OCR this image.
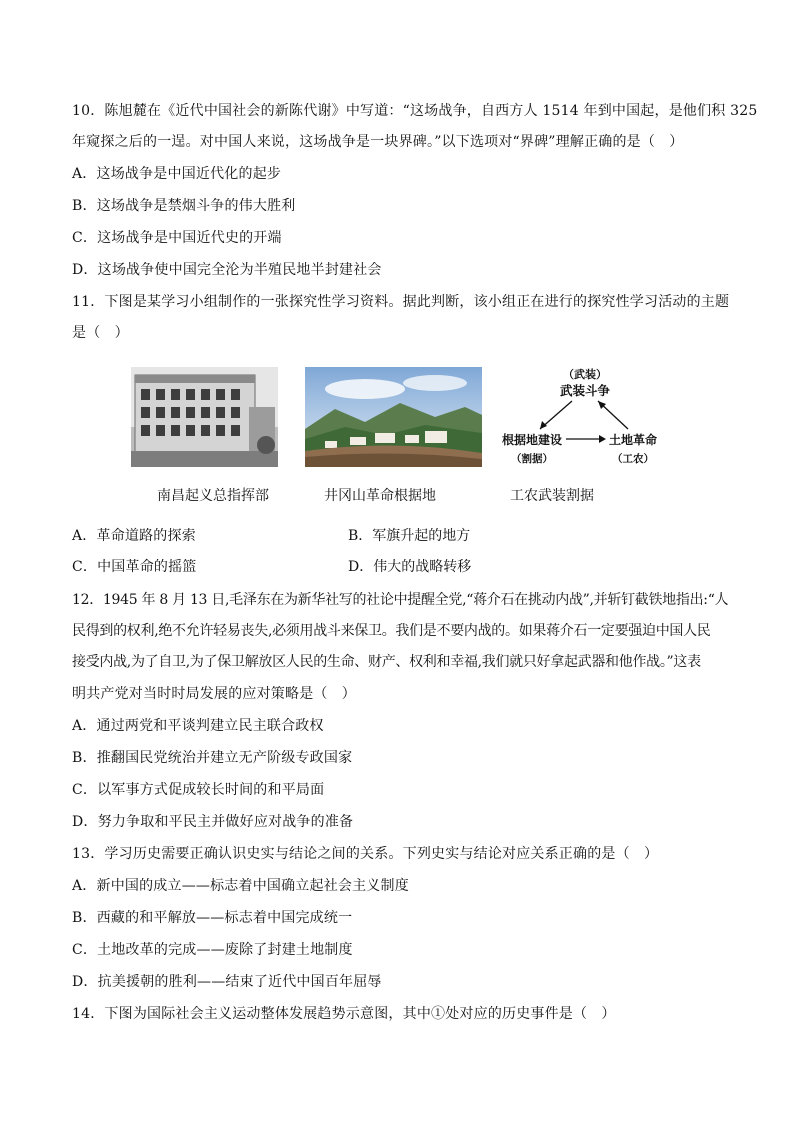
10．陈旭麓在《近代中国社会的新陈代谢》中写道：“这场战争，自西方人 1514 年到中国起，是他们积 325
年窥探之后的一逞。对中国人来说，这场战争是一块界碑。”以下选项对“界碑”理解正确的是（　）
A．这场战争是中国近代化的起步
B．这场战争是禁烟斗争的伟大胜利
C．这场战争是中国近代史的开端
D．这场战争使中国完全沦为半殖民地半封建社会
11．下图是某学习小组制作的一张探究性学习资料。据此判断，该小组正在进行的探究性学习活动的主题
是（　）
（武装）
武装斗争
根据地建设
（割据）
土地革命
（工农）
南昌起义总指挥部	井冈山革命根据地	工农武装割据
A．革命道路的探索	B．军旗升起的地方
C．中国革命的摇篮	D．伟大的战略转移
12．1945 年 8 月 13 日,毛泽东在为新华社写的社论中提醒全党,“蒋介石在挑动内战”,并斩钉截铁地指出:“人
民得到的权利,绝不允许轻易丧失,必须用战斗来保卫。我们是不要内战的。如果蒋介石一定要强迫中国人民
接受内战,为了自卫,为了保卫解放区人民的生命、财产、权利和幸福,我们就只好拿起武器和他作战。”这表
明共产党对当时时局发展的应对策略是（　）
A．通过两党和平谈判建立民主联合政权
B．推翻国民党统治并建立无产阶级专政国家
C．以军事方式促成较长时间的和平局面
D．努力争取和平民主并做好应对战争的准备
13．学习历史需要正确认识史实与结论之间的关系。下列史实与结论对应关系正确的是（　）
A．新中国的成立——标志着中国确立起社会主义制度
B．西藏的和平解放——标志着中国完成统一
C．土地改革的完成——废除了封建土地制度
D．抗美援朝的胜利——结束了近代中国百年屈辱
14．下图为国际社会主义运动整体发展趋势示意图，其中①处对应的历史事件是（　）
